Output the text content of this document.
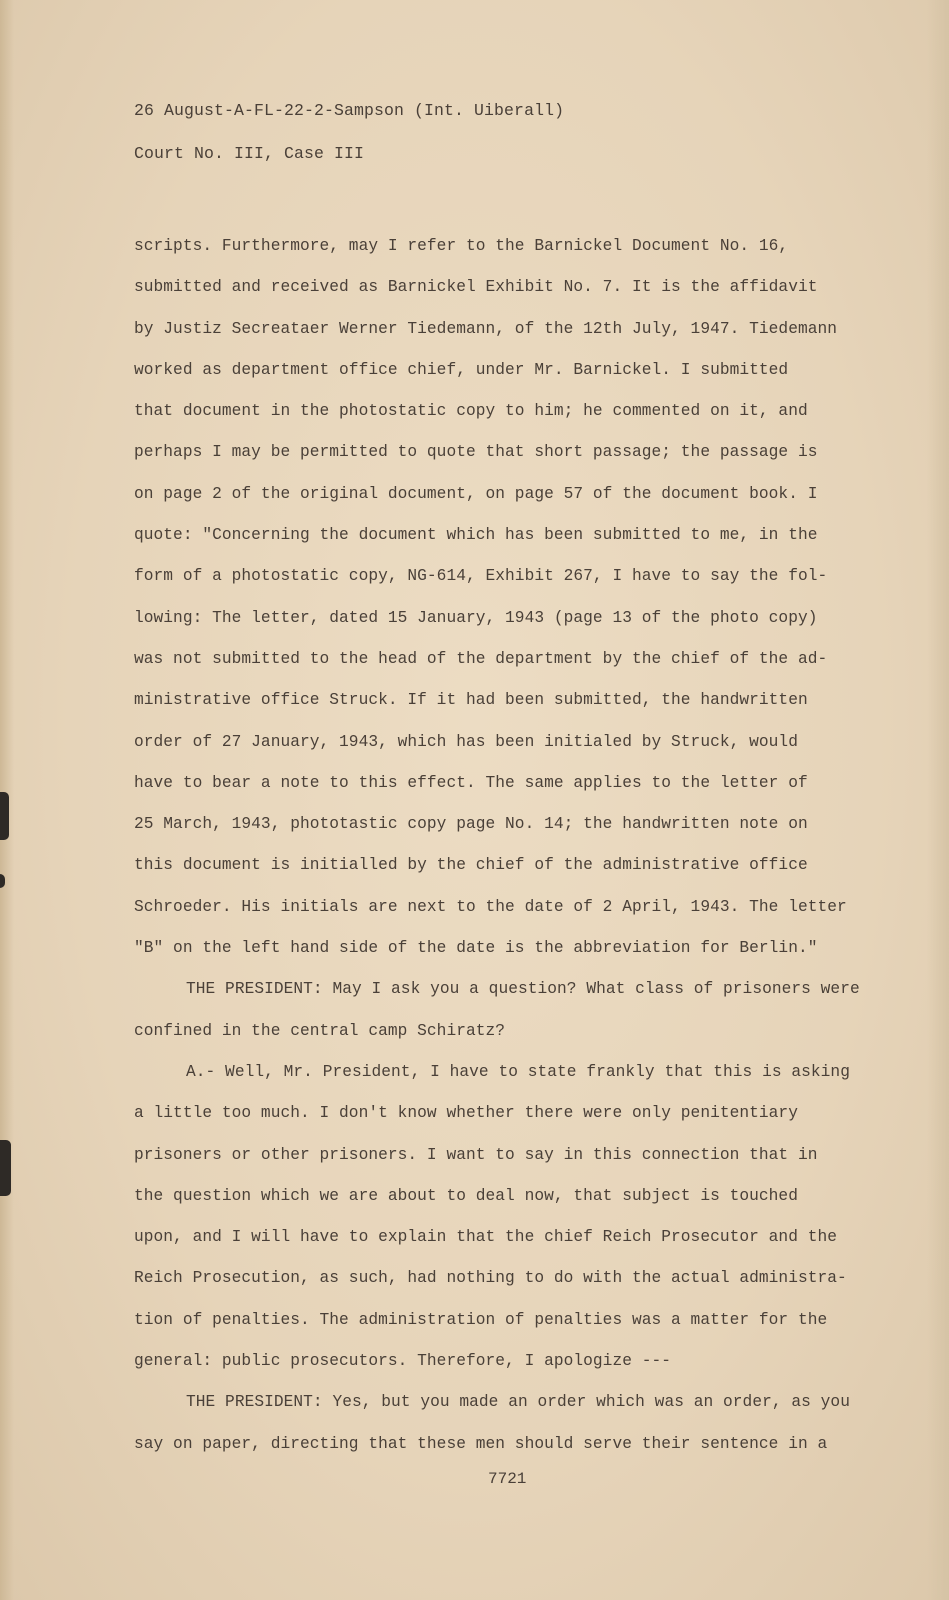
26 August-A-FL-22-2-Sampson (Int. Uiberall)
Court No. III, Case III
scripts. Furthermore, may I refer to the Barnickel Document No. 16,
submitted and received as Barnickel Exhibit No. 7. It is the affidavit
by Justiz Secreataer Werner Tiedemann, of the 12th July, 1947. Tiedemann
worked as department office chief, under Mr. Barnickel. I submitted
that document in the photostatic copy to him; he commented on it, and
perhaps I may be permitted to quote that short passage; the passage is
on page 2 of the original document, on page 57 of the document book. I
quote: "Concerning the document which has been submitted to me, in the
form of a photostatic copy, NG-614, Exhibit 267, I have to say the fol-
lowing: The letter, dated 15 January, 1943 (page 13 of the photo copy)
was not submitted to the head of the department by the chief of the ad-
ministrative office Struck. If it had been submitted, the handwritten
order of 27 January, 1943, which has been initialed by Struck, would
have to bear a note to this effect. The same applies to the letter of
25 March, 1943, phototastic copy page No. 14; the handwritten note on
this document is initialled by the chief of the administrative office
Schroeder. His initials are next to the date of 2 April, 1943. The letter
"B" on the left hand side of the date is the abbreviation for Berlin."
THE PRESIDENT: May I ask you a question? What class of prisoners were
confined in the central camp Schiratz?
A.- Well, Mr. President, I have to state frankly that this is asking
a little too much. I don't know whether there were only penitentiary
prisoners or other prisoners. I want to say in this connection that in
the question which we are about to deal now, that subject is touched
upon, and I will have to explain that the chief Reich Prosecutor and the
Reich Prosecution, as such, had nothing to do with the actual administra-
tion of penalties. The administration of penalties was a matter for the
general: public prosecutors. Therefore, I apologize ---
THE PRESIDENT: Yes, but you made an order which was an order, as you
say on paper, directing that these men should serve their sentence in a
7721
